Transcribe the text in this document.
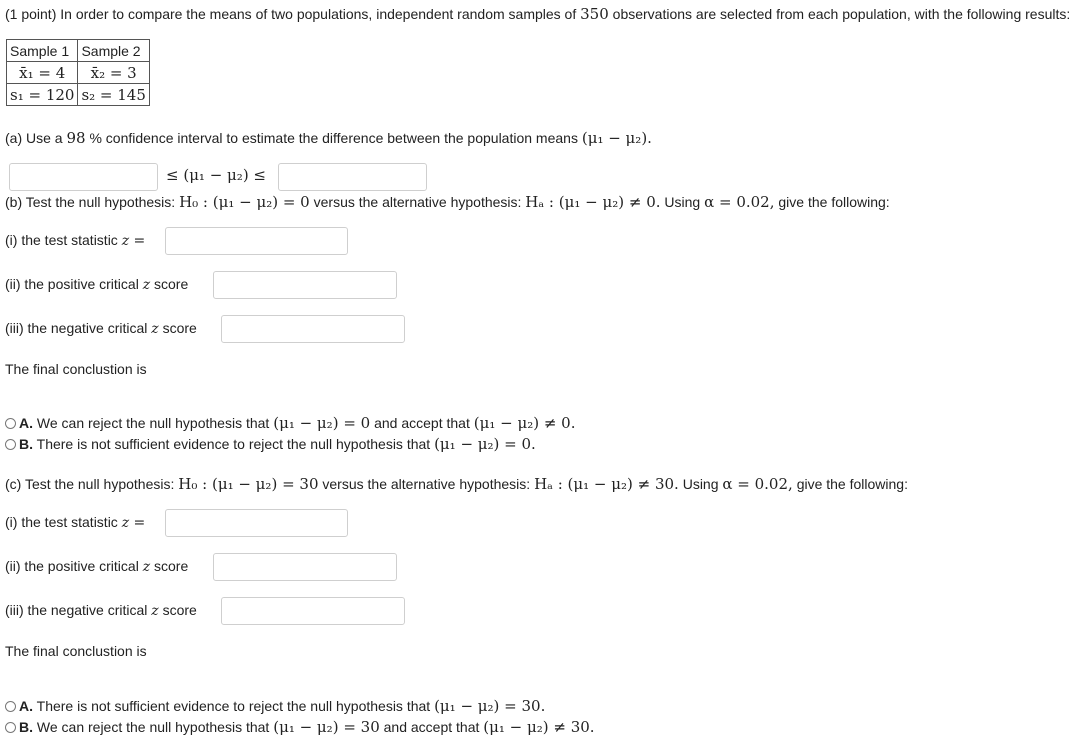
(1 point) In order to compare the means of two populations, independent random samples of 350 observations are selected from each population, with the following results:
Sample 1	Sample 2
x̄₁ = 4	x̄₂ = 3
s₁ = 120	s₂ = 145
(a) Use a 98 % confidence interval to estimate the difference between the population means (μ₁ − μ₂).
≤ (μ₁ − μ₂) ≤
(b) Test the null hypothesis: H₀ : (μ₁ − μ₂) = 0 versus the alternative hypothesis: Hₐ : (μ₁ − μ₂) ≠ 0. Using α = 0.02, give the following:
(i) the test statistic z =
(ii) the positive critical z score
(iii) the negative critical z score
The final conclustion is
A. We can reject the null hypothesis that (μ₁ − μ₂) = 0 and accept that (μ₁ − μ₂) ≠ 0.
B. There is not sufficient evidence to reject the null hypothesis that (μ₁ − μ₂) = 0.
(c) Test the null hypothesis: H₀ : (μ₁ − μ₂) = 30 versus the alternative hypothesis: Hₐ : (μ₁ − μ₂) ≠ 30. Using α = 0.02, give the following:
(i) the test statistic z =
(ii) the positive critical z score
(iii) the negative critical z score
The final conclustion is
A. There is not sufficient evidence to reject the null hypothesis that (μ₁ − μ₂) = 30.
B. We can reject the null hypothesis that (μ₁ − μ₂) = 30 and accept that (μ₁ − μ₂) ≠ 30.
